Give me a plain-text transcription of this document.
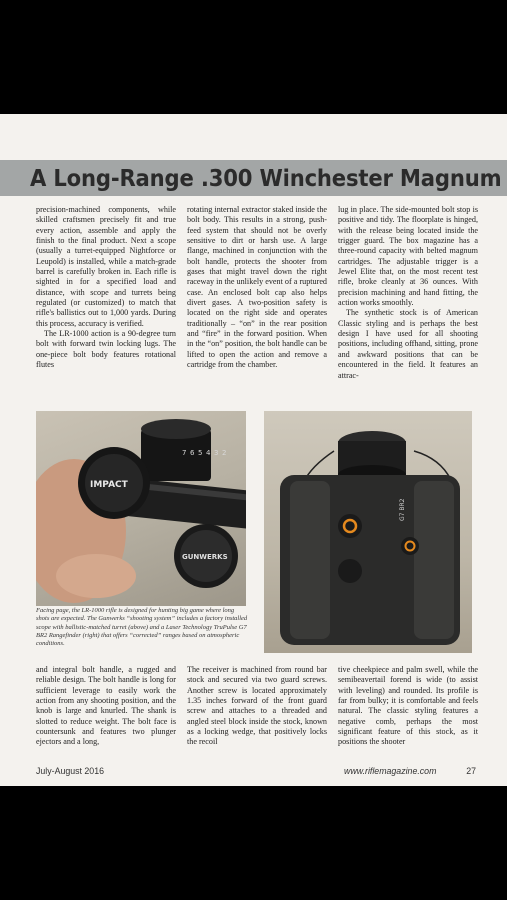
A Long-Range .300 Winchester Magnum

precision-machined components, while skilled craftsmen precisely fit and true every action, assemble and apply the finish to the final product. Next a scope (usually a turret-equipped Nightforce or Leupold) is installed, while a match-grade barrel is carefully broken in. Each rifle is sighted in for a specified load and distance, with scope and turrets being regulated (or customized) to match that rifle's ballistics out to 1,000 yards. During this process, accuracy is verified.

The LR-1000 action is a 90-degree turn bolt with forward twin locking lugs. The one-piece bolt body features rotational flutes

rotating internal extractor staked inside the bolt body. This results in a strong, push-feed system that should not be overly sensitive to dirt or harsh use. A large flange, machined in conjunction with the bolt handle, protects the shooter from gases that might travel down the right raceway in the unlikely event of a ruptured case. An enclosed bolt cap also helps divert gases. A two-position safety is located on the right side and operates traditionally – “on” in the rear position and “fire” in the forward position. When in the “on” position, the bolt handle can be lifted to open the action and remove a cartridge from the chamber.

lug in place. The side-mounted bolt stop is positive and tidy. The floorplate is hinged, with the release being located inside the trigger guard. The box magazine has a three-round capacity with belted magnum cartridges. The adjustable trigger is a Jewel Elite that, on the most recent test rifle, broke cleanly at 36 ounces. With precision machining and hand fitting, the action works smoothly.

The synthetic stock is of American Classic styling and is perhaps the best design I have used for all shooting positions, including offhand, sitting, prone and awkward positions that can be encountered in the field. It features an attrac-

7 6 5 4 3 2
GUNWERKS
IMPACT
G7 BR2
Facing page, the LR-1000 rifle is designed for hunting big game where long shots are expected. The Gunwerks “shooting system” includes a factory installed scope with ballistic-matched turret (above) and a Laser Technology TruPulse G7 BR2 Rangefinder (right) that offers “corrected” ranges based on atmospheric conditions.
and integral bolt handle, a rugged and reliable design. The bolt handle is long for sufficient leverage to easily work the action from any shooting position, and the knob is large and knurled. The shank is slotted to reduce weight. The bolt face is countersunk and features two plunger ejectors and a long,
The receiver is machined from round bar stock and secured via two guard screws. Another screw is located approximately 1.35 inches forward of the front guard screw and attaches to a threaded and angled steel block inside the stock, known as a locking wedge, that positively locks the recoil
tive cheekpiece and palm swell, while the semibeavertail forend is wide (to assist with leveling) and rounded. Its profile is far from bulky; it is comfortable and feels natural. The classic styling features a negative comb, perhaps the most significant feature of this stock, as it positions the shooter
July-August 2016	www.riflemagazine.com	27
